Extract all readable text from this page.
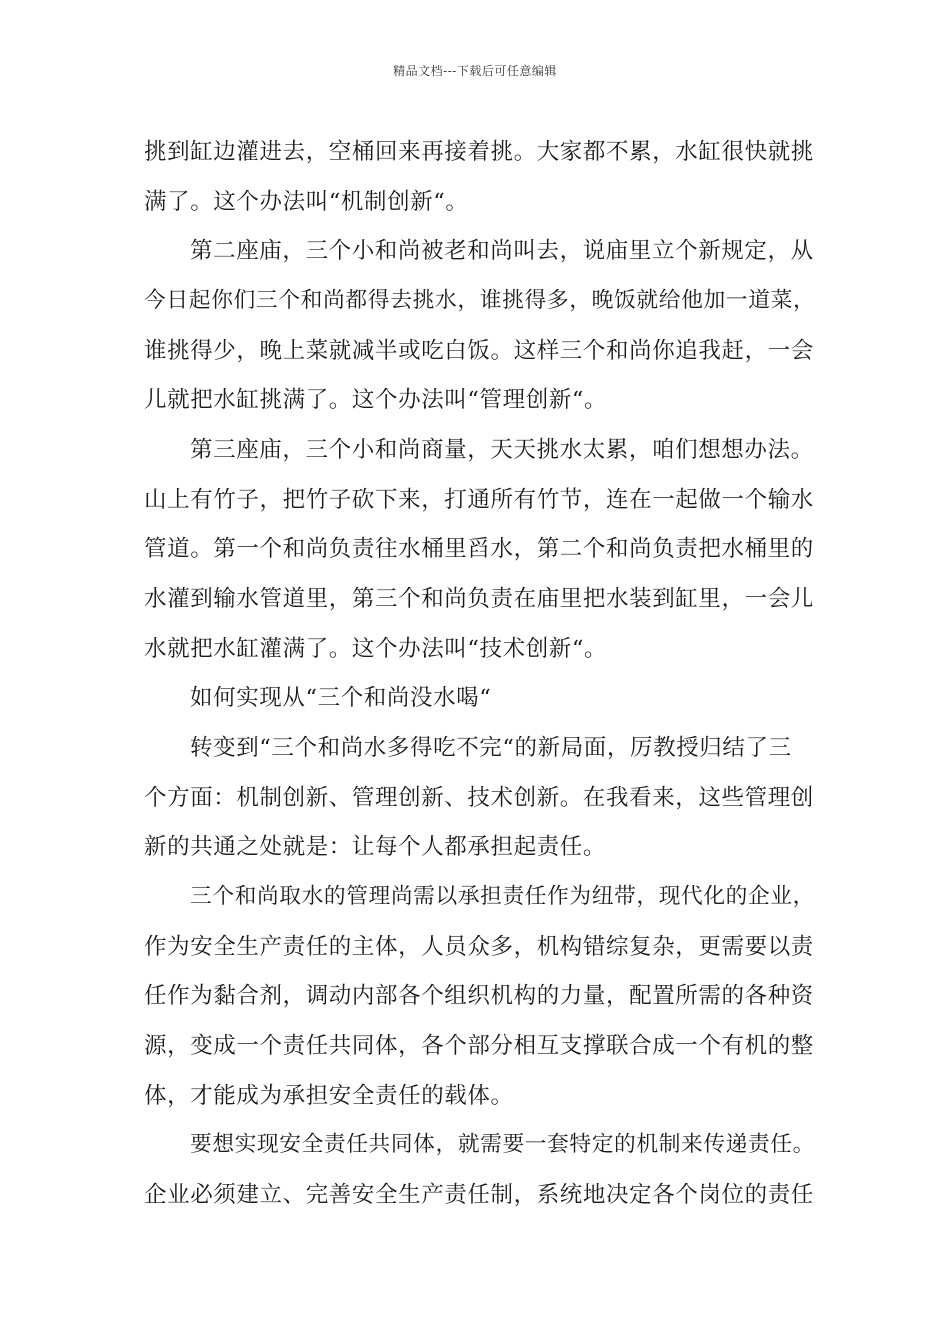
精品文档---下载后可任意编辑
挑到缸边灌进去，空桶回来再接着挑。大家都不累，水缸很快就挑
满了。这个办法叫“机制创新“。
第二座庙，三个小和尚被老和尚叫去，说庙里立个新规定，从
今日起你们三个和尚都得去挑水，谁挑得多，晚饭就给他加一道菜，
谁挑得少，晚上菜就减半或吃白饭。这样三个和尚你追我赶，一会
儿就把水缸挑满了。这个办法叫“管理创新“。
第三座庙，三个小和尚商量，天天挑水太累，咱们想想办法。
山上有竹子，把竹子砍下来，打通所有竹节，连在一起做一个输水
管道。第一个和尚负责往水桶里舀水，第二个和尚负责把水桶里的
水灌到输水管道里，第三个和尚负责在庙里把水装到缸里，一会儿
水就把水缸灌满了。这个办法叫“技术创新“。
如何实现从“三个和尚没水喝“
转变到“三个和尚水多得吃不完“的新局面，厉教授归结了三
个方面：机制创新、管理创新、技术创新。在我看来，这些管理创
新的共通之处就是：让每个人都承担起责任。
三个和尚取水的管理尚需以承担责任作为纽带，现代化的企业，
作为安全生产责任的主体，人员众多，机构错综复杂，更需要以责
任作为黏合剂，调动内部各个组织机构的力量，配置所需的各种资
源，变成一个责任共同体，各个部分相互支撑联合成一个有机的整
体，才能成为承担安全责任的载体。
要想实现安全责任共同体，就需要一套特定的机制来传递责任。
企业必须建立、完善安全生产责任制，系统地决定各个岗位的责任
